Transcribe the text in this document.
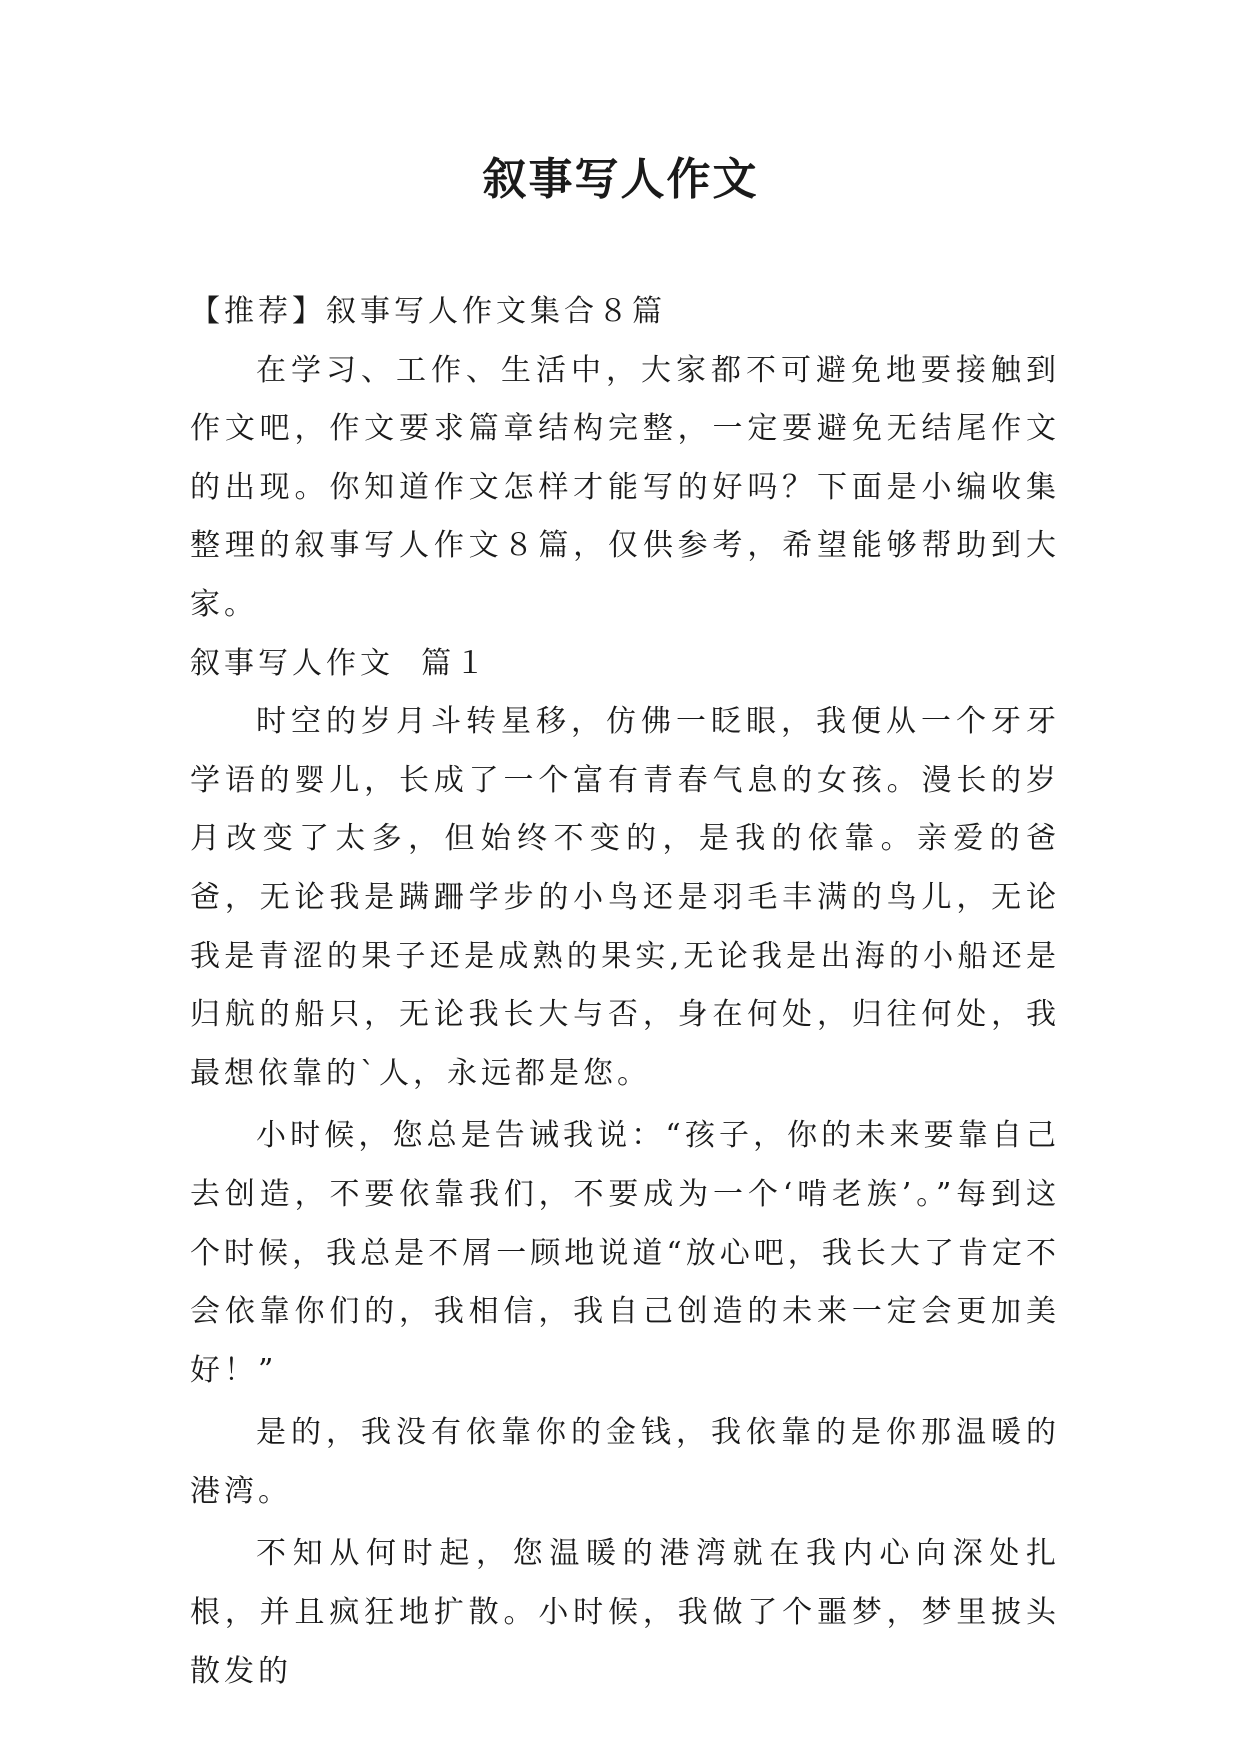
叙事写人作文

【推荐】叙事写人作文集合８篇

在学习、工作、生活中，大家都不可避免地要接触到作文吧，作文要求篇章结构完整，一定要避免无结尾作文的出现。你知道作文怎样才能写的好吗？下面是小编收集整理的叙事写人作文８篇，仅供参考，希望能够帮助到大家。

叙事写人作文  篇１

时空的岁月斗转星移，仿佛一眨眼，我便从一个牙牙学语的婴儿，长成了一个富有青春气息的女孩。漫长的岁月改变了太多，但始终不变的，是我的依靠。亲爱的爸爸，无论我是蹒跚学步的小鸟还是羽毛丰满的鸟儿，无论我是青涩的果子还是成熟的果实,无论我是出海的小船还是归航的船只，无论我长大与否，身在何处，归往何处，我最想依靠的`人，永远都是您。

小时候，您总是告诫我说：“孩子，你的未来要靠自己去创造，不要依靠我们，不要成为一个‘啃老族’。”每到这个时候，我总是不屑一顾地说道“放心吧，我长大了肯定不会依靠你们的，我相信，我自己创造的未来一定会更加美好！”

是的，我没有依靠你的金钱，我依靠的是你那温暖的港湾。

不知从何时起，您温暖的港湾就在我内心向深处扎根，并且疯狂地扩散。小时候，我做了个噩梦，梦里披头散发的
